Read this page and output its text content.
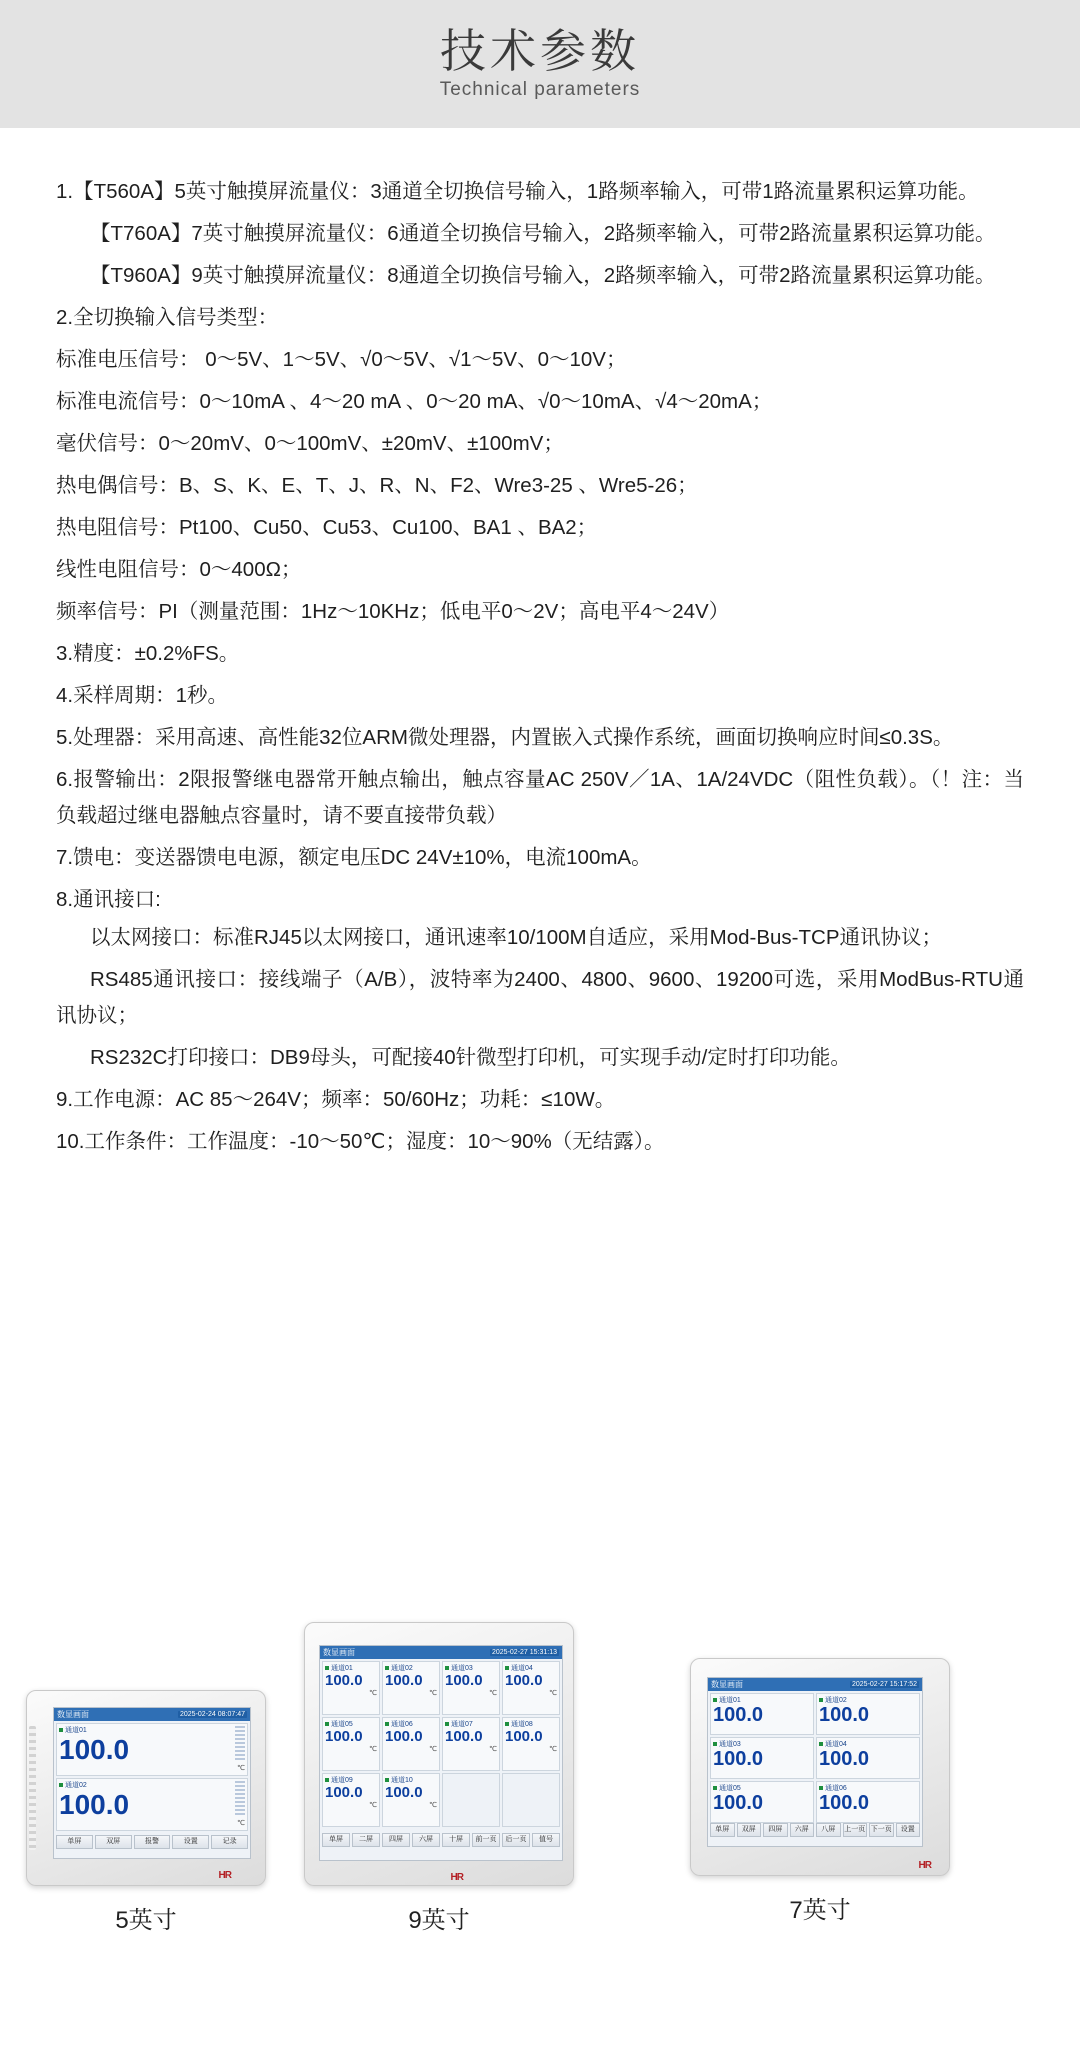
技术参数
Technical parameters

1.【T560A】5英寸触摸屏流量仪：3通道全切换信号输入，1路频率输入，可带1路流量累积运算功能。

【T760A】7英寸触摸屏流量仪：6通道全切换信号输入，2路频率输入，可带2路流量累积运算功能。

【T960A】9英寸触摸屏流量仪：8通道全切换信号输入，2路频率输入，可带2路流量累积运算功能。

2.全切换输入信号类型：

标准电压信号： 0～5V、1～5V、√0～5V、√1～5V、0～10V；

标准电流信号：0～10mA 、4～20 mA 、0～20 mA、√0～10mA、√4～20mA；

毫伏信号：0～20mV、0～100mV、±20mV、±100mV；

热电偶信号：B、S、K、E、T、J、R、N、F2、Wre3-25 、Wre5-26；

热电阻信号：Pt100、Cu50、Cu53、Cu100、BA1 、BA2；

线性电阻信号：0～400Ω；

频率信号：PI（测量范围：1Hz～10KHz；低电平0～2V；高电平4～24V）

3.精度：±0.2%FS。

4.采样周期：1秒。

5.处理器：采用高速、高性能32位ARM微处理器，内置嵌入式操作系统，画面切换响应时间≤0.3S。

6.报警输出：2限报警继电器常开触点输出，触点容量AC 250V／1A、1A/24VDC（阻性负载）。（！注：当负载超过继电器触点容量时，请不要直接带负载）

7.馈电：变送器馈电电源，额定电压DC 24V±10%，电流100mA。

8.通讯接口:

以太网接口：标准RJ45以太网接口，通讯速率10/100M自适应，采用Mod-Bus-TCP通讯协议；

RS485通讯接口：接线端子（A/B），波特率为2400、4800、9600、19200可选，采用ModBus-RTU通讯协议；

RS232C打印接口：DB9母头，可配接40针微型打印机，可实现手动/定时打印功能。

9.工作电源：AC 85～264V；频率：50/60Hz；功耗：≤10W。

10.工作条件：工作温度：-10～50℃；湿度：10～90%（无结露）。

数显画面	2025-02-24 08:07:47
通道01
100.0
℃
通道02
100.0
℃
单屏	双屏	报警	设置	记录
HR
5英寸
数显画面	2025-02-27 15:31:13
通道01
100.0
℃
通道02
100.0
℃
通道03
100.0
℃
通道04
100.0
℃
通道05
100.0
℃
通道06
100.0
℃
通道07
100.0
℃
通道08
100.0
℃
通道09
100.0
℃
通道10
100.0
℃
单屏	二屏	四屏	六屏	十屏	前一页	后一页	值号
HR
9英寸
数显画面	2025-02-27 15:17:52
通道01
100.0
通道02
100.0
通道03
100.0
通道04
100.0
通道05
100.0
通道06
100.0
单屏	双屏	四屏	六屏	八屏	上一页 下一页	设置
HR
7英寸
